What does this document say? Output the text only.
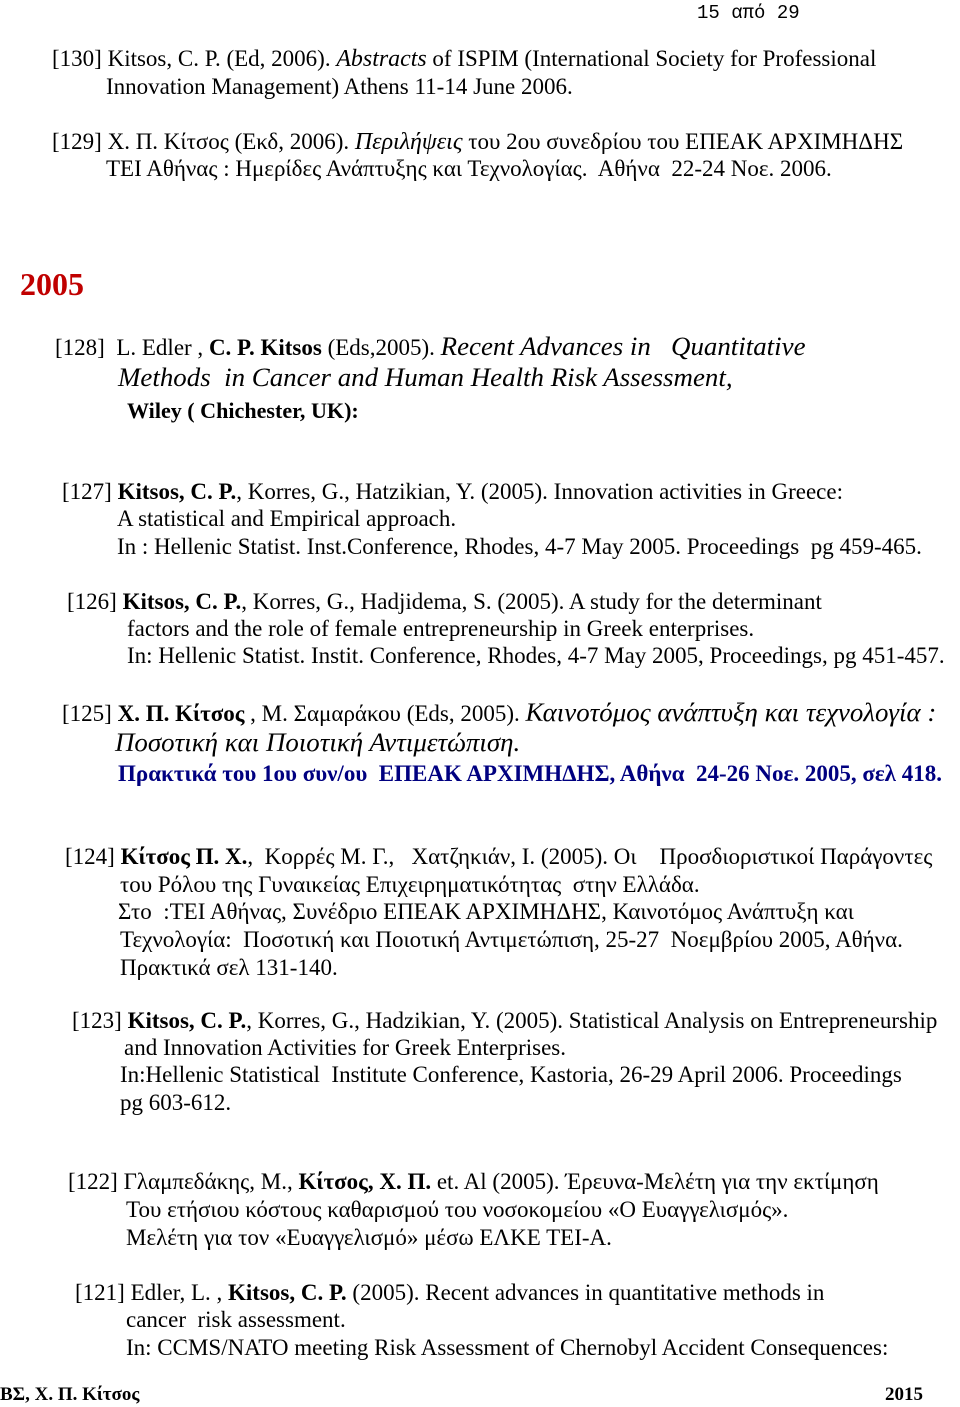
15 από 29
[130] Kitsos, C. P. (Ed, 2006). Abstracts of ISPIM (International Society for Professional
Innovation Management) Athens 11-14 June 2006.
[129] Χ. Π. Κίτσος (Εκδ, 2006). Περιλήψεις του 2ου συνεδρίου του ΕΠΕΑΚ ΑΡΧΙΜΗΔΗΣ
ΤΕΙ Αθήνας : Ημερίδες Ανάπτυξης και Τεχνολογίας.  Αθήνα  22-24 Νοε. 2006.
2005
[128]  L. Edler , C. P. Kitsos (Eds,2005). Recent Advances in   Quantitative
Methods  in Cancer and Human Health Risk Assessment,
Wiley ( Chichester, UK):
[127] Kitsos, C. P., Korres, G., Hatzikian, Y. (2005). Innovation activities in Greece:
A statistical and Empirical approach.
In : Hellenic Statist. Inst.Conference, Rhodes, 4-7 May 2005. Proceedings  pg 459-465.
[126] Kitsos, C. P., Korres, G., Hadjidema, S. (2005). A study for the determinant
factors and the role of female entrepreneurship in Greek enterprises.
In: Hellenic Statist. Instit. Conference, Rhodes, 4-7 May 2005, Proceedings, pg 451-457.
[125] Χ. Π. Κίτσος , Μ. Σαμαράκου (Eds, 2005). Καινοτόμος ανάπτυξη και τεχνολογία :
Ποσοτική και Ποιοτική Αντιμετώπιση.
Πρακτικά του 1ου συν/ου  ΕΠΕΑΚ ΑΡΧΙΜΗΔΗΣ, Αθήνα  24-26 Νοε. 2005, σελ 418.
[124] Κίτσος Π. Χ.,  Κορρές Μ. Γ.,   Χατζηκιάν, Ι. (2005). Οι    Προσδιοριστικοί Παράγοντες
του Ρόλου της Γυναικείας Επιχειρηματικότητας  στην Ελλάδα.
Στο  :ΤΕΙ Αθήνας, Συνέδριο ΕΠΕΑΚ ΑΡΧΙΜΗΔΗΣ, Καινοτόμος Ανάπτυξη και
Τεχνολογία:  Ποσοτική και Ποιοτική Αντιμετώπιση, 25-27  Νοεμβρίου 2005, Αθήνα.
Πρακτικά σελ 131-140.
[123] Kitsos, C. P., Korres, G., Hadzikian, Y. (2005). Statistical Analysis on Entrepreneurship
and Innovation Activities for Greek Enterprises.
In:Hellenic Statistical  Institute Conference, Kastoria, 26-29 April 2006. Proceedings
pg 603-612.
[122] Γλαμπεδάκης, Μ., Κίτσος, Χ. Π. et. Al (2005). Έρευνα-Μελέτη για την εκτίμηση
Του ετήσιου κόστους καθαρισμού του νοσοκομείου «Ο Ευαγγελισμός».
Μελέτη για τον «Ευαγγελισμό» μέσω ΕΛΚΕ ΤΕΙ-Α.
[121] Edler, L. , Kitsos, C. P. (2005). Recent advances in quantitative methods in
cancer  risk assessment.
In: CCMS/NATO meeting Risk Assessment of Chernobyl Accident Consequences:
ΒΣ, Χ. Π. Κίτσος	2015
